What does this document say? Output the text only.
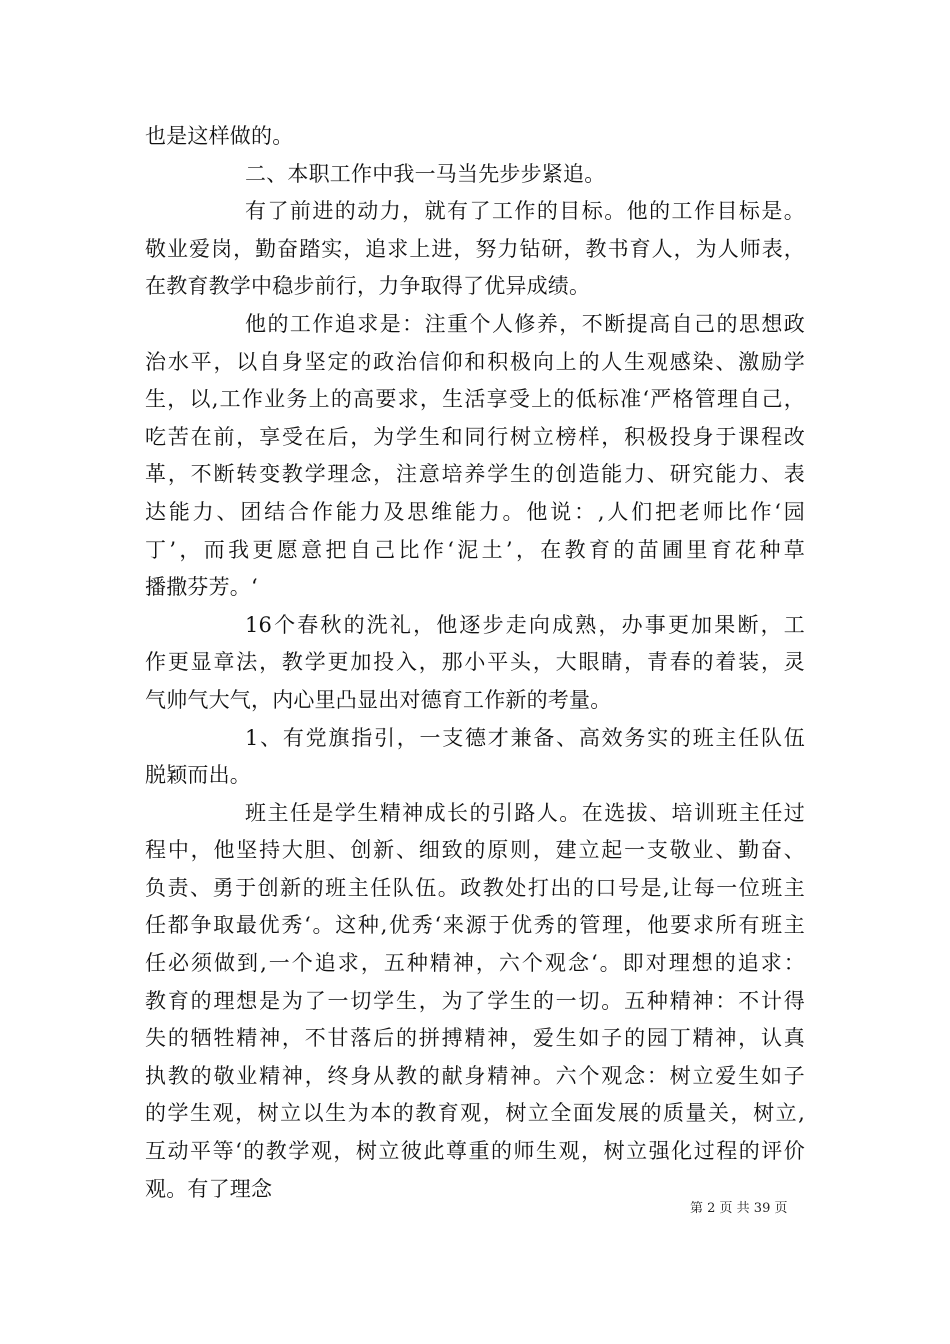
也是这样做的。
二、本职工作中我一马当先步步紧追。
有了前进的动力，就有了工作的目标。他的工作目标是。
敬业爱岗，勤奋踏实，追求上进，努力钻研，教书育人，为人师表，
在教育教学中稳步前行，力争取得了优异成绩。
他的工作追求是：注重个人修养，不断提高自己的思想政
治水平，以自身坚定的政治信仰和积极向上的人生观感染、激励学
生，以,工作业务上的高要求，生活享受上的低标准‘严格管理自己，
吃苦在前，享受在后，为学生和同行树立榜样，积极投身于课程改
革，不断转变教学理念，注意培养学生的创造能力、研究能力、表
达能力、团结合作能力及思维能力。他说：,人们把老师比作‘园
丁’，而我更愿意把自己比作‘泥土’，在教育的苗圃里育花种草
播撒芬芳。‘
16个春秋的洗礼，他逐步走向成熟，办事更加果断，工
作更显章法，教学更加投入，那小平头，大眼睛，青春的着装，灵
气帅气大气，内心里凸显出对德育工作新的考量。
1、有党旗指引，一支德才兼备、高效务实的班主任队伍
脱颖而出。
班主任是学生精神成长的引路人。在选拔、培训班主任过
程中，他坚持大胆、创新、细致的原则，建立起一支敬业、勤奋、
负责、勇于创新的班主任队伍。政教处打出的口号是,让每一位班主
任都争取最优秀‘。这种,优秀‘来源于优秀的管理，他要求所有班主
任必须做到,一个追求，五种精神，六个观念‘。即对理想的追求：
教育的理想是为了一切学生，为了学生的一切。五种精神：不计得
失的牺牲精神，不甘落后的拼搏精神，爱生如子的园丁精神，认真
执教的敬业精神，终身从教的献身精神。六个观念：树立爱生如子
的学生观，树立以生为本的教育观，树立全面发展的质量关，树立,
互动平等‘的教学观，树立彼此尊重的师生观，树立强化过程的评价
观。有了理念
第 2 页 共 39 页
